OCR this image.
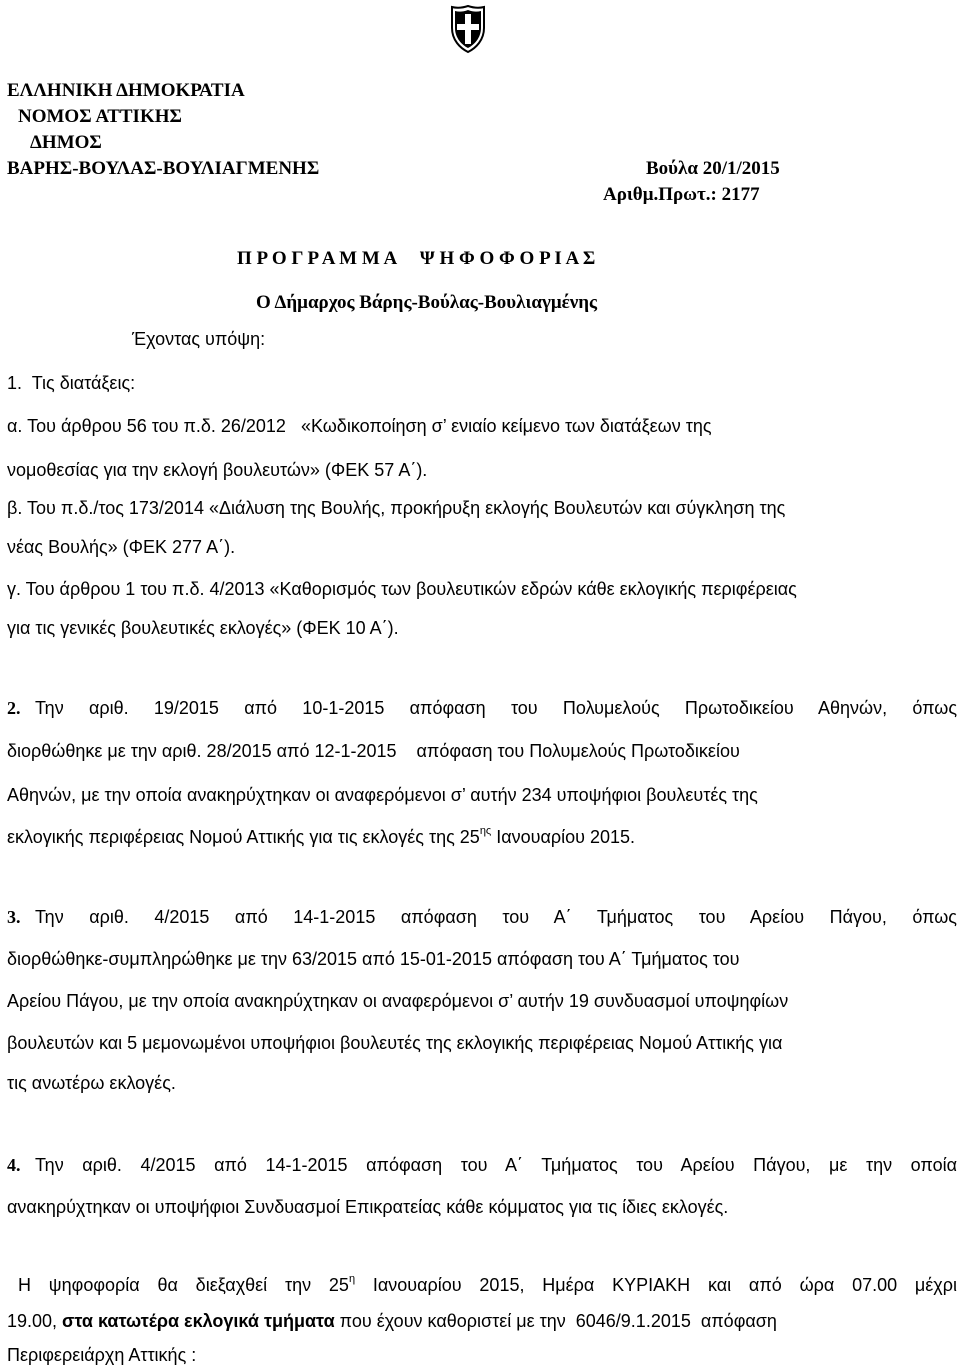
ΕΛΛΗΝΙΚΗ ΔΗΜΟΚΡΑΤΙΑ
ΝΟΜΟΣ ΑΤΤΙΚΗΣ
ΔΗΜΟΣ
ΒΑΡΗΣ-ΒΟΥΛΑΣ-ΒΟΥΛΙΑΓΜΕΝΗΣ	Βούλα 20/1/2015
Αριθμ.Πρωτ.: 2177
Π Ρ Ο Γ Ρ Α Μ Μ Α     Ψ Η Φ Ο Φ Ο Ρ Ι Α Σ
Ο Δήμαρχος Βάρης-Βούλας-Βουλιαγμένης
Έχοντας υπόψη:
1.  Τις διατάξεις:
α. Του άρθρου 56 του π.δ. 26/2012   «Κωδικοποίηση σ’ ενιαίο κείμενο των διατάξεων της
νομοθεσίας για την εκλογή βουλευτών» (ΦΕΚ 57 Α΄).
β. Του π.δ./τος 173/2014 «Διάλυση της Βουλής, προκήρυξη εκλογής Βουλευτών και σύγκληση της
νέας Βουλής» (ΦΕΚ 277 Α΄).
γ. Του άρθρου 1 του π.δ. 4/2013 «Καθορισμός των βουλευτικών εδρών κάθε εκλογικής περιφέρειας
για τις γενικές βουλευτικές εκλογές» (ΦΕΚ 10 Α΄).
2. Την αριθ. 19/2015 από 10-1-2015 απόφαση του Πολυμελούς Πρωτοδικείου Αθηνών, όπως
διορθώθηκε με την αριθ. 28/2015 από 12-1-2015    απόφαση του Πολυμελούς Πρωτοδικείου
Αθηνών, με την οποία ανακηρύχτηκαν οι αναφερόμενοι σ’ αυτήν 234 υποψήφιοι βουλευτές της
εκλογικής περιφέρειας Νομού Αττικής για τις εκλογές της $25^{\eta\varsigma}$ Ιανουαρίου 2015.
3. Την αριθ. 4/2015 από 14-1-2015 απόφαση του Α΄ Τμήματος του Αρείου Πάγου, όπως
διορθώθηκε-συμπληρώθηκε με την 63/2015 από 15-01-2015 απόφαση του Α΄ Τμήματος του
Αρείου Πάγου, με την οποία ανακηρύχτηκαν οι αναφερόμενοι σ’ αυτήν 19 συνδυασμοί υποψηφίων
βουλευτών και 5 μεμονωμένοι υποψήφιοι βουλευτές της εκλογικής περιφέρειας Νομού Αττικής για
τις ανωτέρω εκλογές.
4. Την αριθ. 4/2015 από 14-1-2015 απόφαση του Α΄ Τμήματος του Αρείου Πάγου, με την οποία
ανακηρύχτηκαν οι υποψήφιοι Συνδυασμοί Επικρατείας κάθε κόμματος για τις ίδιες εκλογές.
Η ψηφοφορία θα διεξαχθεί την $25^\eta$ Ιανουαρίου 2015, Ημέρα ΚΥΡΙΑΚΗ και από ώρα 07.00 μέχρι
19.00, στα κατωτέρα εκλογικά τμήματα που έχουν καθοριστεί με την  6046/9.1.2015  απόφαση
Περιφερειάρχη Αττικής :
